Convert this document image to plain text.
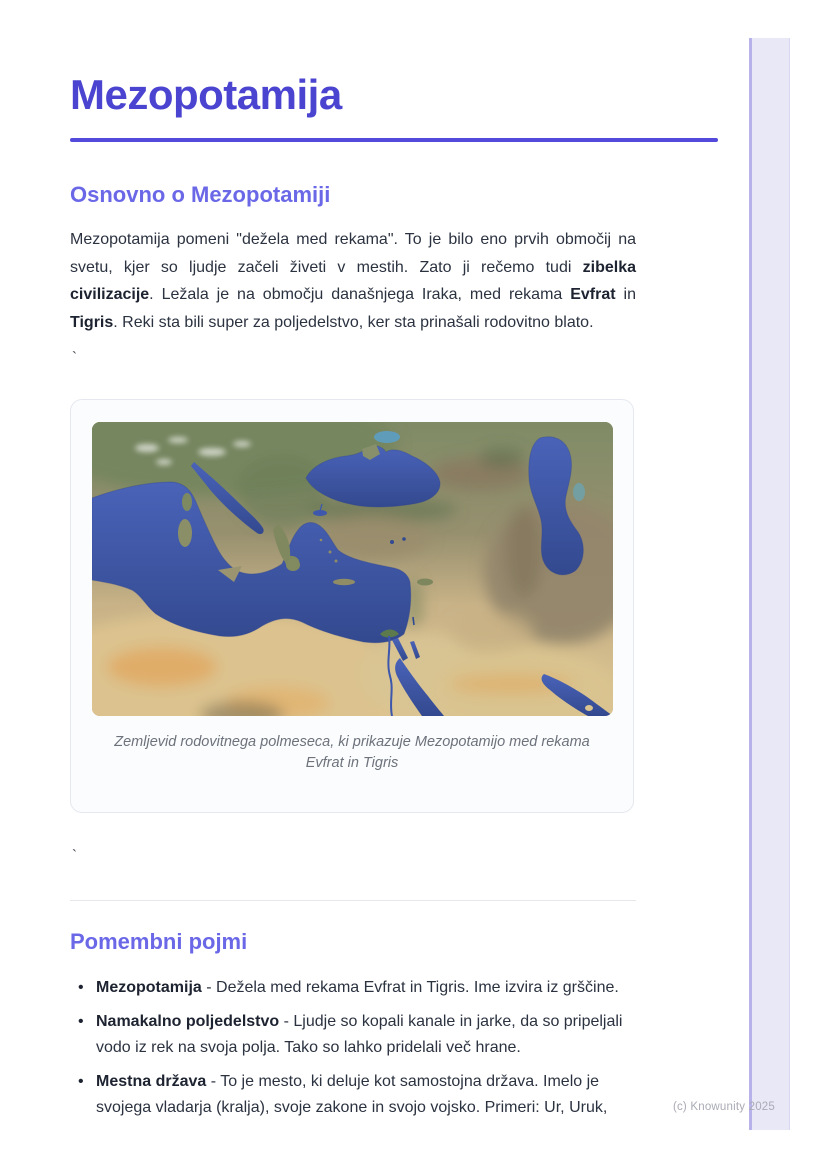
Mezopotamija
Osnovno o Mezopotamiji

Mezopotamija pomeni "dežela med rekama". To je bilo eno prvih območij na svetu, kjer so ljudje začeli živeti v mestih. Zato ji rečemo tudi zibelka civilizacije. Ležala je na območju današnjega Iraka, med rekama Evfrat in Tigris. Reki sta bili super za poljedelstvo, ker sta prinašali rodovitno blato.

`
Zemljevid rodovitnega polmeseca, ki prikazuje Mezopotamijo med rekama Evfrat in Tigris
`
Pomembni pojmi
• Mezopotamija - Dežela med rekama Evfrat in Tigris. Ime izvira iz grščine.
• Namakalno poljedelstvo - Ljudje so kopali kanale in jarke, da so pripeljali vodo iz rek na svoja polja. Tako so lahko pridelali več hrane.
• Mestna država - To je mesto, ki deluje kot samostojna država. Imelo je svojega vladarja (kralja), svoje zakone in svojo vojsko. Primeri: Ur, Uruk,	(c) Knowunity 2025
